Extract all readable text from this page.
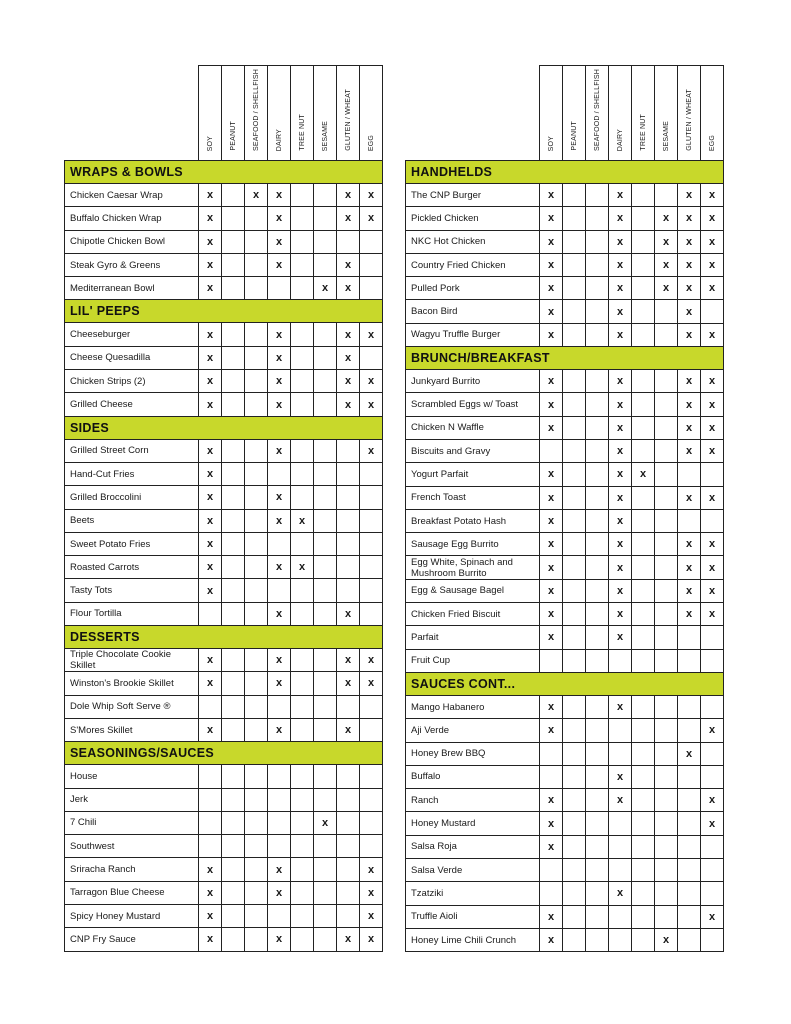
	SOY	PEANUT	SEAFOOD / SHELLFISH	DAIRY	TREE NUT	SESAME	GLUTEN / WHEAT	EGG
WRAPS & BOWLS								
Chicken Caesar Wrap	x		x	x			x	x
Buffalo Chicken Wrap	x			x			x	x
Chipotle Chicken Bowl	x			x				
Steak Gyro & Greens	x			x			x	
Mediterranean Bowl	x					x	x	
LIL' PEEPS								
Cheeseburger	x			x			x	x
Cheese Quesadilla	x			x			x	
Chicken Strips (2)	x			x			x	x
Grilled Cheese	x			x			x	x
SIDES								
Grilled Street Corn	x			x				x
Hand-Cut Fries	x							
Grilled Broccolini	x			x				
Beets	x			x	x			
Sweet Potato Fries	x							
Roasted Carrots	x			x	x			
Tasty Tots	x							
Flour Tortilla				x			x	
DESSERTS								
Triple Chocolate Cookie Skillet	x			x			x	x
Winston's Brookie Skillet	x			x			x	x
Dole Whip Soft Serve ®								
S'Mores Skillet	x			x			x	
SEASONINGS/SAUCES								
House								
Jerk								
7 Chili						x		
Southwest								
Sriracha Ranch	x			x				x
Tarragon Blue Cheese	x			x				x
Spicy Honey Mustard	x							x
CNP Fry Sauce	x			x			x	x
	SOY	PEANUT	SEAFOOD / SHELLFISH	DAIRY	TREE NUT	SESAME	GLUTEN / WHEAT	EGG
HANDHELDS								
The CNP Burger	x			x			x	x
Pickled Chicken	x			x		x	x	x
NKC Hot Chicken	x			x		x	x	x
Country Fried Chicken	x			x		x	x	x
Pulled Pork	x			x		x	x	x
Bacon Bird	x			x			x	
Wagyu Truffle Burger	x			x			x	x
BRUNCH/BREAKFAST								
Junkyard Burrito	x			x			x	x
Scrambled Eggs w/ Toast	x			x			x	x
Chicken N Waffle	x			x			x	x
Biscuits and Gravy				x			x	x
Yogurt Parfait	x			x	x			
French Toast	x			x			x	x
Breakfast Potato Hash	x			x				
Sausage Egg Burrito	x			x			x	x
Egg White, Spinach and Mushroom Burrito	x			x			x	x
Egg & Sausage Bagel	x			x			x	x
Chicken Fried Biscuit	x			x			x	x
Parfait	x			x				
Fruit Cup								
SAUCES CONT...								
Mango Habanero	x			x				
Aji Verde	x							x
Honey Brew BBQ							x	
Buffalo				x				
Ranch	x			x				x
Honey Mustard	x							x
Salsa Roja	x							
Salsa Verde								
Tzatziki				x				
Truffle Aioli	x							x
Honey Lime Chili Crunch	x					x		
